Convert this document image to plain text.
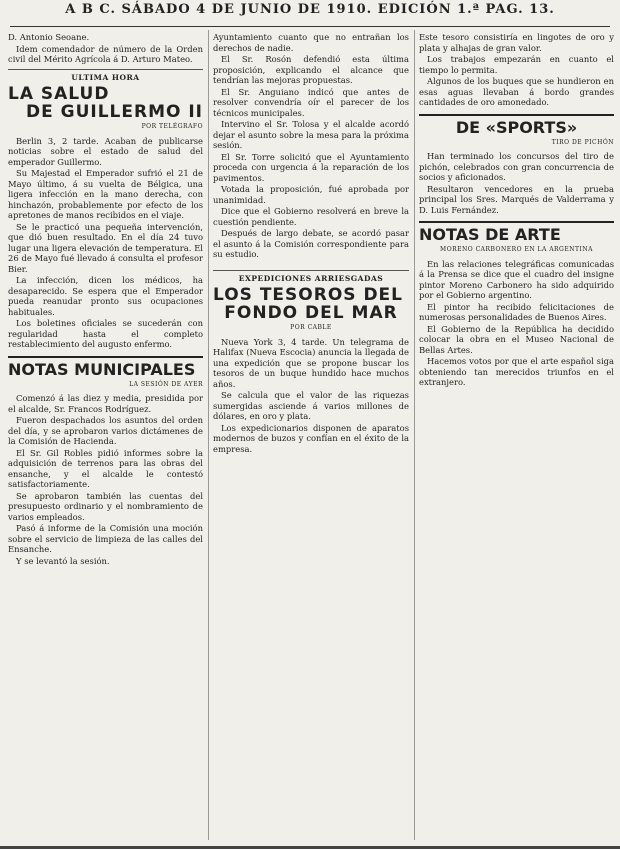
A B C. SÁBADO 4 DE JUNIO DE 1910. EDICIÓN 1.ª PAG. 13.

D. Antonio Seoane.

Idem comendador de número de la Orden civil del Mérito Agrícola á D. Arturo Mateo.

ULTIMA HORA
LA SALUD
DE GUILLERMO II
POR TELÉGRAFO

Berlin 3, 2 tarde. Acaban de publicarse noticias sobre el estado de salud del emperador Guillermo.

Su Majestad el Emperador sufrió el 21 de Mayo último, á su vuelta de Bélgica, una ligera infección en la mano derecha, con hinchazón, probablemente por efecto de los apretones de manos recibidos en el viaje.

Se le practicó una pequeña intervención, que dió buen resultado. En el día 24 tuvo lugar una ligera elevación de temperatura. El 26 de Mayo fué llevado á consulta el profesor Bier.

La infección, dicen los médicos, ha desaparecido. Se espera que el Emperador pueda reanudar pronto sus ocupaciones habituales.

Los boletines oficiales se sucederán con regularidad hasta el completo restablecimiento del augusto enfermo.

NOTAS MUNICIPALES
LA SESIÓN DE AYER

Comenzó á las diez y media, presidida por el alcalde, Sr. Francos Rodríguez.

Fueron despachados los asuntos del orden del día, y se aprobaron varios dictámenes de la Comisión de Hacienda.

El Sr. Gil Robles pidió informes sobre la adquisición de terrenos para las obras del ensanche, y el alcalde le contestó satisfactoriamente.

Se aprobaron también las cuentas del presupuesto ordinario y el nombramiento de varios empleados.

Pasó á informe de la Comisión una moción sobre el servicio de limpieza de las calles del Ensanche.

Y se levantó la sesión.

Ayuntamiento cuanto que no entrañan los derechos de nadie.

El Sr. Rosón defendió esta última proposición, explicando el alcance que tendrían las mejoras propuestas.

El Sr. Anguiano indicó que antes de resolver convendría oír el parecer de los técnicos municipales.

Intervino el Sr. Tolosa y el alcalde acordó dejar el asunto sobre la mesa para la próxima sesión.

El Sr. Torre solicitó que el Ayuntamiento proceda con urgencia á la reparación de los pavimentos.

Votada la proposición, fué aprobada por unanimidad.

Dice que el Gobierno resolverá en breve la cuestión pendiente.

Después de largo debate, se acordó pasar el asunto á la Comisión correspondiente para su estudio.

EXPEDICIONES ARRIESGADAS
LOS TESOROS DEL
FONDO DEL MAR
POR CABLE

Nueva York 3, 4 tarde. Un telegrama de Halifax (Nueva Escocia) anuncia la llegada de una expedición que se propone buscar los tesoros de un buque hundido hace muchos años.

Se calcula que el valor de las riquezas sumergidas asciende á varios millones de dólares, en oro y plata.

Los expedicionarios disponen de aparatos modernos de buzos y confían en el éxito de la empresa.

Este tesoro consistiría en lingotes de oro y plata y alhajas de gran valor.

Los trabajos empezarán en cuanto el tiempo lo permita.

Algunos de los buques que se hundieron en esas aguas llevaban á bordo grandes cantidades de oro amonedado.

DE «SPORTS»
TIRO DE PICHÓN

Han terminado los concursos del tiro de pichón, celebrados con gran concurrencia de socios y aficionados.

Resultaron vencedores en la prueba principal los Sres. Marqués de Valderrama y D. Luis Fernández.

NOTAS DE ARTE
MORENO CARBONERO EN LA ARGENTINA

En las relaciones telegráficas comunicadas á la Prensa se dice que el cuadro del insigne pintor Moreno Carbonero ha sido adquirido por el Gobierno argentino.

El pintor ha recibido felicitaciones de numerosas personalidades de Buenos Aires.

El Gobierno de la República ha decidido colocar la obra en el Museo Nacional de Bellas Artes.

Hacemos votos por que el arte español siga obteniendo tan merecidos triunfos en el extranjero.
